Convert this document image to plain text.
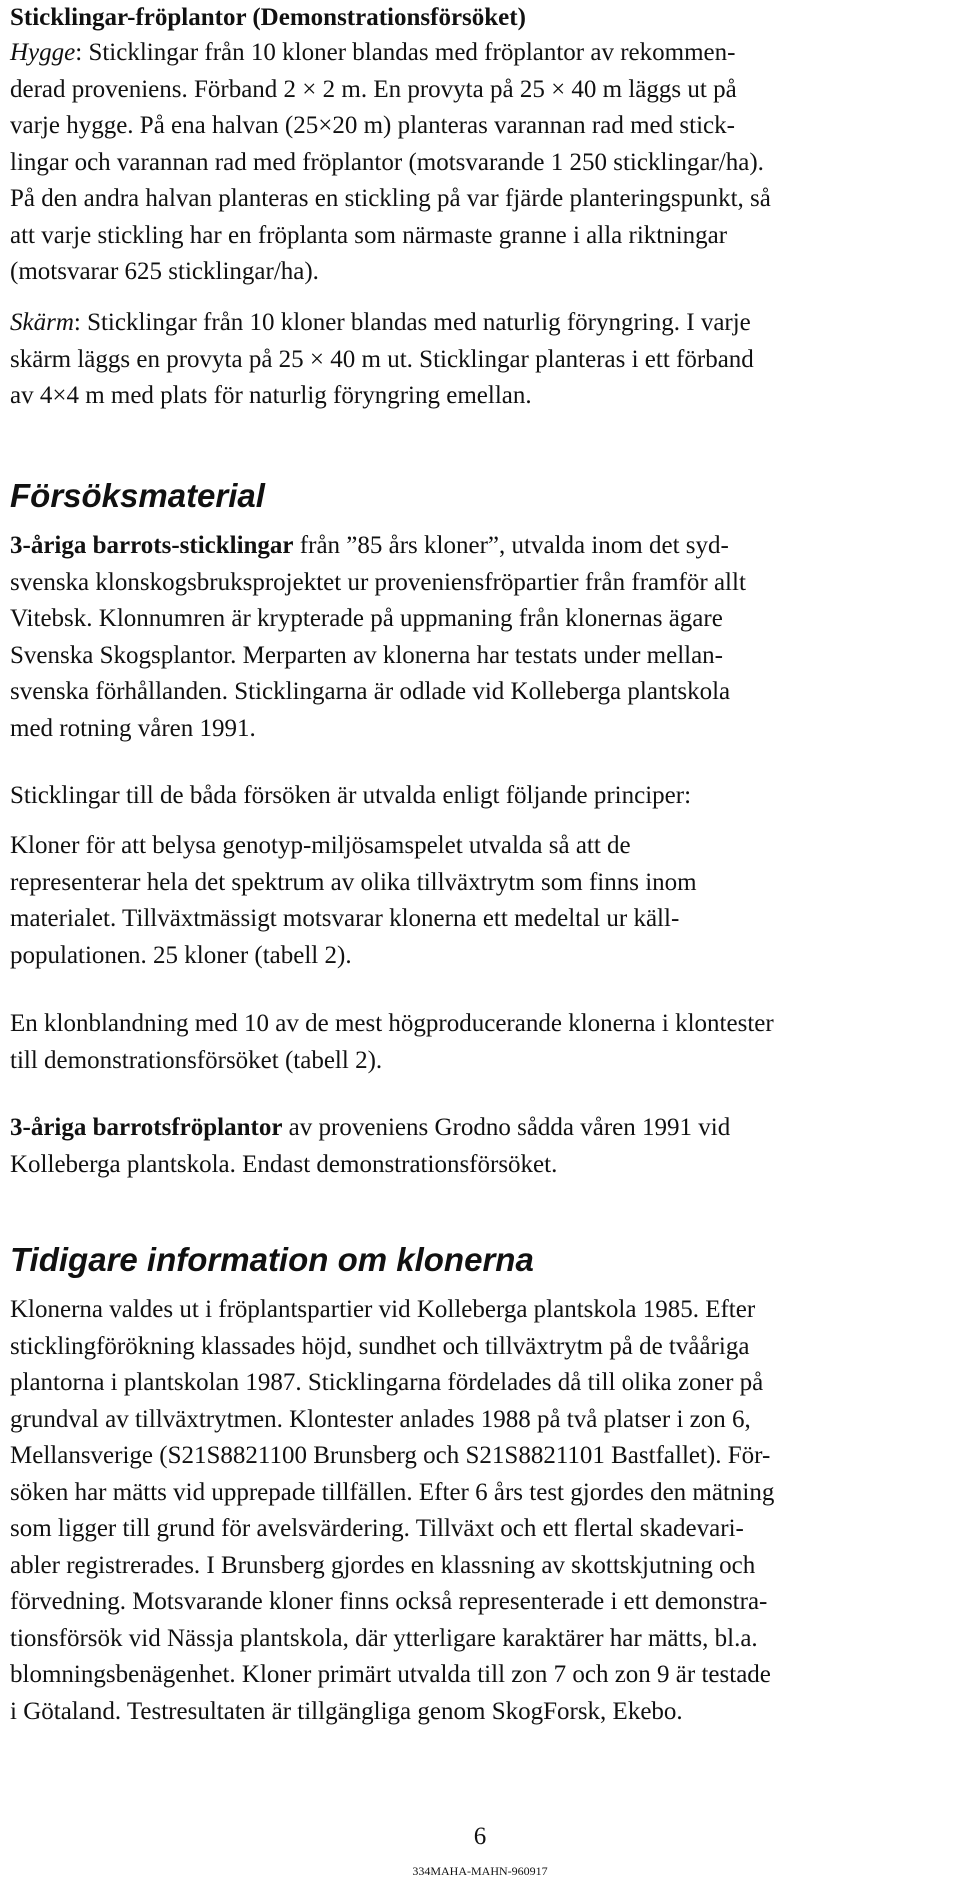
Sticklingar-fröplantor (Demonstrationsförsöket)

Hygge: Sticklingar från 10 kloner blandas med fröplantor av rekommen-
derad proveniens. Förband 2 × 2 m. En provyta på 25 × 40 m läggs ut på
varje hygge. På ena halvan (25×20 m) planteras varannan rad med stick-
lingar och varannan rad med fröplantor (motsvarande 1 250 sticklingar/ha).
På den andra halvan planteras en stickling på var fjärde planteringspunkt, så
att varje stickling har en fröplanta som närmaste granne i alla riktningar
(motsvarar 625 sticklingar/ha).

Skärm: Sticklingar från 10 kloner blandas med naturlig föryngring. I varje
skärm läggs en provyta på 25 × 40 m ut. Sticklingar planteras i ett förband
av 4×4 m med plats för naturlig föryngring emellan.

Försöksmaterial

3-åriga barrots-sticklingar från ”85 års kloner”, utvalda inom det syd-
svenska klonskogsbruksprojektet ur proveniensfröpartier från framför allt
Vitebsk. Klonnumren är krypterade på uppmaning från klonernas ägare
Svenska Skogsplantor. Merparten av klonerna har testats under mellan-
svenska förhållanden. Sticklingarna är odlade vid Kolleberga plantskola
med rotning våren 1991.

Sticklingar till de båda försöken är utvalda enligt följande principer:

Kloner för att belysa genotyp-miljösamspelet utvalda så att de
representerar hela det spektrum av olika tillväxtrytm som finns inom
materialet. Tillväxtmässigt motsvarar klonerna ett medeltal ur käll-
populationen. 25 kloner (tabell 2).

En klonblandning med 10 av de mest högproducerande klonerna i klontester
till demonstrationsförsöket (tabell 2).

3-åriga barrotsfröplantor av proveniens Grodno sådda våren 1991 vid
Kolleberga plantskola. Endast demonstrationsförsöket.

Tidigare information om klonerna

Klonerna valdes ut i fröplantspartier vid Kolleberga plantskola 1985. Efter
sticklingförökning klassades höjd, sundhet och tillväxtrytm på de tvååriga
plantorna i plantskolan 1987. Sticklingarna fördelades då till olika zoner på
grundval av tillväxtrytmen. Klontester anlades 1988 på två platser i zon 6,
Mellansverige (S21S8821100 Brunsberg och S21S8821101 Bastfallet). För-
söken har mätts vid upprepade tillfällen. Efter 6 års test gjordes den mätning
som ligger till grund för avelsvärdering. Tillväxt och ett flertal skadevari-
abler registrerades. I Brunsberg gjordes en klassning av skottskjutning och
förvedning. Motsvarande kloner finns också representerade i ett demonstra-
tionsförsök vid Nässja plantskola, där ytterligare karaktärer har mätts, bl.a.
blomningsbenägenhet. Kloner primärt utvalda till zon 7 och zon 9 är testade
i Götaland. Testresultaten är tillgängliga genom SkogForsk, Ekebo.

6

334MAHA-MAHN-960917
